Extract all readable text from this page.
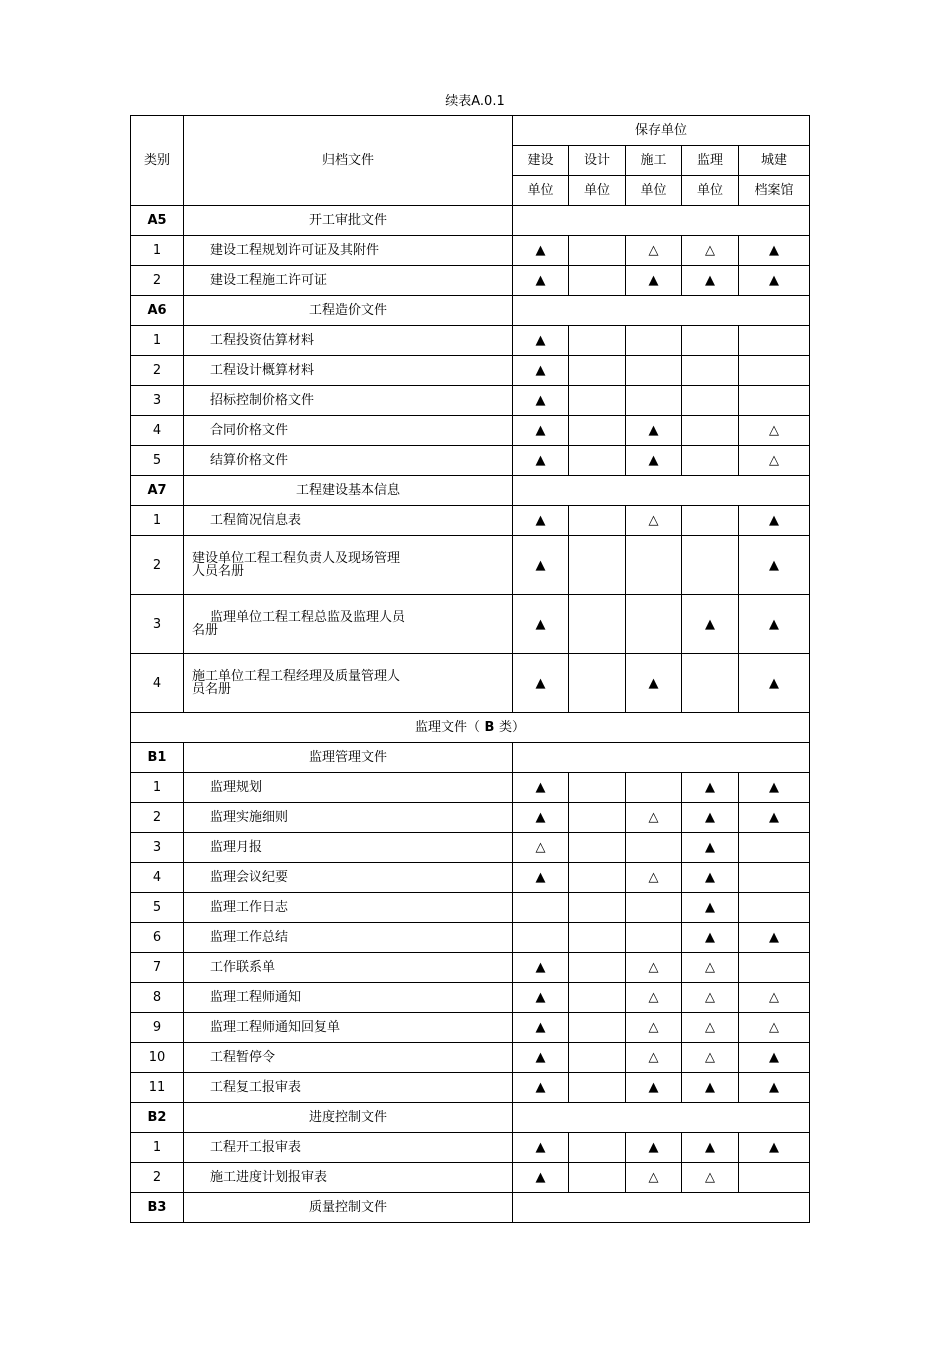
续表A.0.1
类别	归档文件	保存单位				
		建设	设计	施工	监理	城建
		单位	单位	单位	单位	档案馆
A5	开工审批文件					
1	建设工程规划许可证及其附件	▲		△	△	▲
2	建设工程施工许可证	▲		▲	▲	▲
A6	工程造价文件					
1	工程投资估算材料	▲				
2	工程设计概算材料	▲				
3	招标控制价格文件	▲				
4	合同价格文件	▲		▲		△
5	结算价格文件	▲		▲		△
A7	工程建设基本信息					
1	工程简况信息表	▲		△		▲
2	建设单位工程工程负责人及现场管理
人员名册	▲				▲
3	监理单位工程工程总监及监理人员
名册	▲			▲	▲
4	施工单位工程工程经理及质量管理人
员名册	▲		▲		▲
监理文件（ B 类）						
B1	监理管理文件					
1	监理规划	▲			▲	▲
2	监理实施细则	▲		△	▲	▲
3	监理月报	△			▲	
4	监理会议纪要	▲		△	▲	
5	监理工作日志				▲	
6	监理工作总结				▲	▲
7	工作联系单	▲		△	△	
8	监理工程师通知	▲		△	△	△
9	监理工程师通知回复单	▲		△	△	△
10	工程暂停令	▲		△	△	▲
11	工程复工报审表	▲		▲	▲	▲
B2	进度控制文件					
1	工程开工报审表	▲		▲	▲	▲
2	施工进度计划报审表	▲		△	△	
B3	质量控制文件					
